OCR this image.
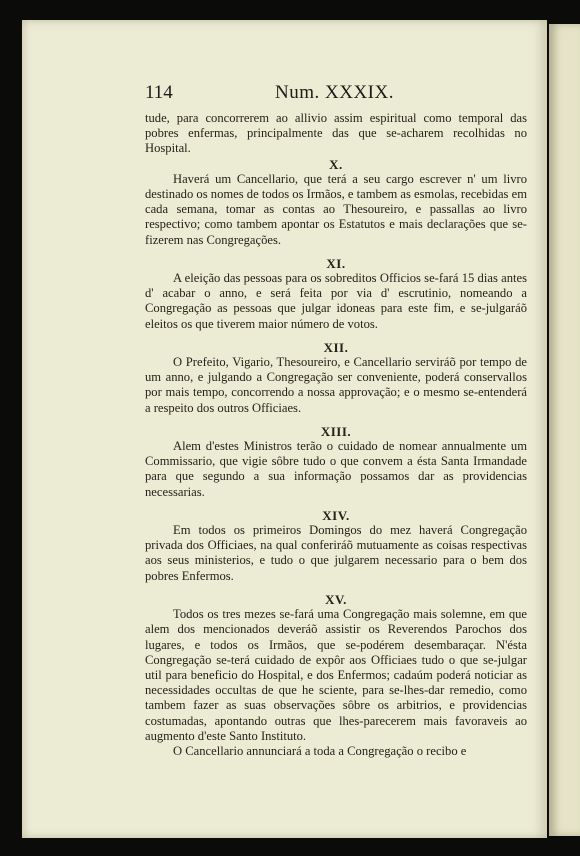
114	Num. XXXIX.

tude, para concorrerem ao allivio assim espiritual como temporal das pobres enfermas, principalmente das que se-acharem recolhidas no Hospital.

X.

Haverá um Cancellario, que terá a seu cargo escrever n' um livro destinado os nomes de todos os Irmãos, e tambem as esmolas, recebidas em cada semana, tomar as contas ao Thesoureiro, e passallas ao livro respectivo; como tambem apontar os Estatutos e mais declarações que se-fizerem nas Congregações.

XI.

A eleição das pessoas para os sobreditos Officios se-fará 15 dias antes d' acabar o anno, e será feita por via d' escrutinio, nomeando a Congregação as pessoas que julgar idoneas para este fim, e se-julgaráõ eleitos os que tiverem maior número de votos.

XII.

O Prefeito, Vigario, Thesoureiro, e Cancellario serviráõ por tempo de um anno, e julgando a Congregação ser conveniente, poderá conservallos por mais tempo, concorrendo a nossa approvação; e o mesmo se-entenderá a respeito dos outros Officiaes.

XIII.

Alem d'estes Ministros terão o cuidado de nomear annualmente um Commissario, que vigie sôbre tudo o que convem a ésta Santa Irmandade para que segundo a sua informação possamos dar as providencias necessarias.

XIV.

Em todos os primeiros Domingos do mez haverá Congregação privada dos Officiaes, na qual conferiráõ mutuamente as coisas respectivas aos seus ministerios, e tudo o que julgarem necessario para o bem dos pobres Enfermos.

XV.

Todos os tres mezes se-fará uma Congregação mais solemne, em que alem dos mencionados deveráõ assistir os Reverendos Parochos dos lugares, e todos os Irmãos, que se-podérem desembaraçar. N'ésta Congregação se-terá cuidado de expôr aos Officiaes tudo o que se-julgar util para beneficio do Hospital, e dos Enfermos; cadaúm poderá noticiar as necessidades occultas de que he sciente, para se-lhes-dar remedio, como tambem fazer as suas observações sôbre os arbitrios, e providencias costumadas, apontando outras que lhes-parecerem mais favoraveis ao augmento d'este Santo Instituto.

O Cancellario annunciará a toda a Congregação o recibo e
